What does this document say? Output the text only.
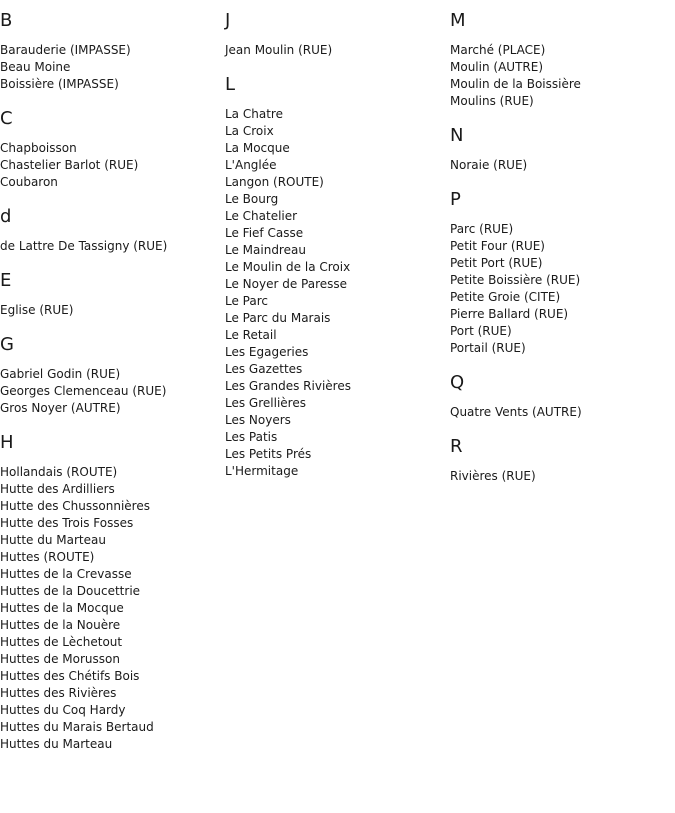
B
Barauderie (IMPASSE)
Beau Moine
Boissière (IMPASSE)
C
Chapboisson
Chastelier Barlot (RUE)
Coubaron
d
de Lattre De Tassigny (RUE)
E
Eglise (RUE)
G
Gabriel Godin (RUE)
Georges Clemenceau (RUE)
Gros Noyer (AUTRE)
H
Hollandais (ROUTE)
Hutte des Ardilliers
Hutte des Chussonnières
Hutte des Trois Fosses
Hutte du Marteau
Huttes (ROUTE)
Huttes de la Crevasse
Huttes de la Doucettrie
Huttes de la Mocque
Huttes de la Nouère
Huttes de Lèchetout
Huttes de Morusson
Huttes des Chétifs Bois
Huttes des Rivières
Huttes du Coq Hardy
Huttes du Marais Bertaud
Huttes du Marteau
J
Jean Moulin (RUE)
L
La Chatre
La Croix
La Mocque
L'Anglée
Langon (ROUTE)
Le Bourg
Le Chatelier
Le Fief Casse
Le Maindreau
Le Moulin de la Croix
Le Noyer de Paresse
Le Parc
Le Parc du Marais
Le Retail
Les Egageries
Les Gazettes
Les Grandes Rivières
Les Grellières
Les Noyers
Les Patis
Les Petits Prés
L'Hermitage
M
Marché (PLACE)
Moulin (AUTRE)
Moulin de la Boissière
Moulins (RUE)
N
Noraie (RUE)
P
Parc (RUE)
Petit Four (RUE)
Petit Port (RUE)
Petite Boissière (RUE)
Petite Groie (CITE)
Pierre Ballard (RUE)
Port (RUE)
Portail (RUE)
Q
Quatre Vents (AUTRE)
R
Rivières (RUE)
